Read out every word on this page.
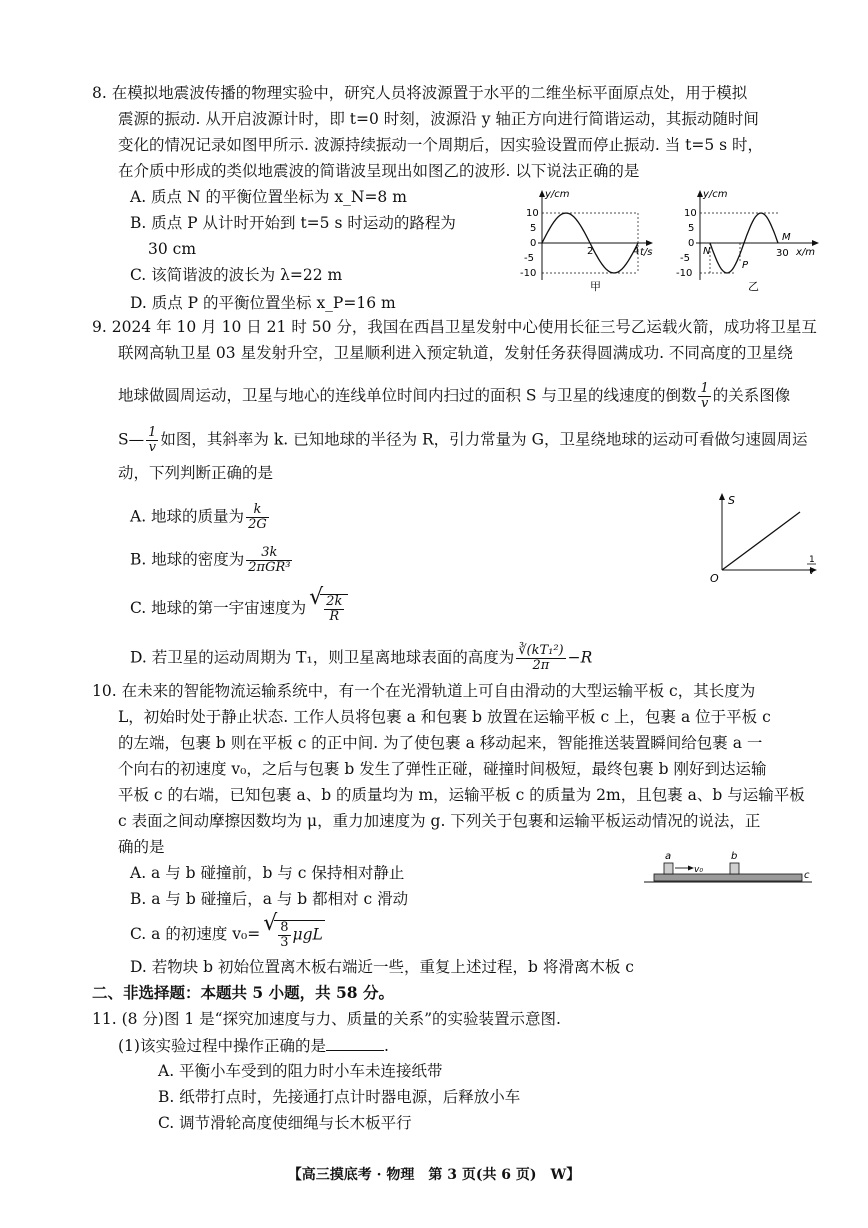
8. 在模拟地震波传播的物理实验中，研究人员将波源置于水平的二维坐标平面原点处，用于模拟
震源的振动. 从开启波源计时，即 t=0 时刻，波源沿 y 轴正方向进行简谐运动，其振动随时间
变化的情况记录如图甲所示. 波源持续振动一个周期后，因实验设置而停止振动. 当 t=5 s 时，
在介质中形成的类似地震波的简谐波呈现出如图乙的波形. 以下说法正确的是
A. 质点 N 的平衡位置坐标为 x_N=8 m
B. 质点 P 从计时开始到 t=5 s 时运动的路程为
30 cm
C. 该简谐波的波长为 λ=22 m
D. 质点 P 的平衡位置坐标 x_P=16 m
y/cm
t/s
10
5
0
-5
-10
2	4
甲
y/cm
x/m
10
5
0
-5
-10
30
N
P
M
乙
9. 2024 年 10 月 10 日 21 时 50 分，我国在西昌卫星发射中心使用长征三号乙运载火箭，成功将卫星互
联网高轨卫星 03 星发射升空，卫星顺利进入预定轨道，发射任务获得圆满成功. 不同高度的卫星绕
地球做圆周运动，卫星与地心的连线单位时间内扫过的面积 S 与卫星的线速度的倒数 $\frac{1}{v}$ 的关系图像
S— $\frac{1}{v}$ 如图，其斜率为 k. 已知地球的半径为 R，引力常量为 G，卫星绕地球的运动可看做匀速圆周运
动，下列判断正确的是
A. 地球的质量为 $\frac{k}{2G}$
B. 地球的密度为 $\frac{3k}{\text{2πGR³}}$
C. 地球的第一宇宙速度为 √ $\frac{2k}{R}$
D. 若卫星的运动周期为 T₁，则卫星离地球表面的高度为 $\frac{\text{∛(kT₁²)}}{2\pi} -R$
S
O
1
v
10. 在未来的智能物流运输系统中，有一个在光滑轨道上可自由滑动的大型运输平板 c，其长度为
L，初始时处于静止状态. 工作人员将包裹 a 和包裹 b 放置在运输平板 c 上，包裹 a 位于平板 c
的左端，包裹 b 则在平板 c 的正中间. 为了使包裹 a 移动起来，智能推送装置瞬间给包裹 a 一
个向右的初速度 v₀，之后与包裹 b 发生了弹性正碰，碰撞时间极短，最终包裹 b 刚好到达运输
平板 c 的右端，已知包裹 a、b 的质量均为 m，运输平板 c 的质量为 2m，且包裹 a、b 与运输平板
c 表面之间动摩擦因数均为 μ，重力加速度为 g. 下列关于包裹和运输平板运动情况的说法，正
确的是
A. a 与 b 碰撞前，b 与 c 保持相对静止
B. a 与 b 碰撞后，a 与 b 都相对 c 滑动
C. a 的初速度 v₀= √ $\frac{8}{3}$ μgL
D. 若物块 b 初始位置离木板右端近一些，重复上述过程，b 将滑离木板 c
a	b
v₀	c
二、非选择题：本题共 5 小题，共 58 分。
11. (8 分)图 1 是“探究加速度与力、质量的关系”的实验装置示意图.
(1)该实验过程中操作正确的是	.
A. 平衡小车受到的阻力时小车未连接纸带
B. 纸带打点时，先接通打点计时器电源，后释放小车
C. 调节滑轮高度使细绳与长木板平行
【高三摸底考 · 物理　第 3 页(共 6 页)　W】
